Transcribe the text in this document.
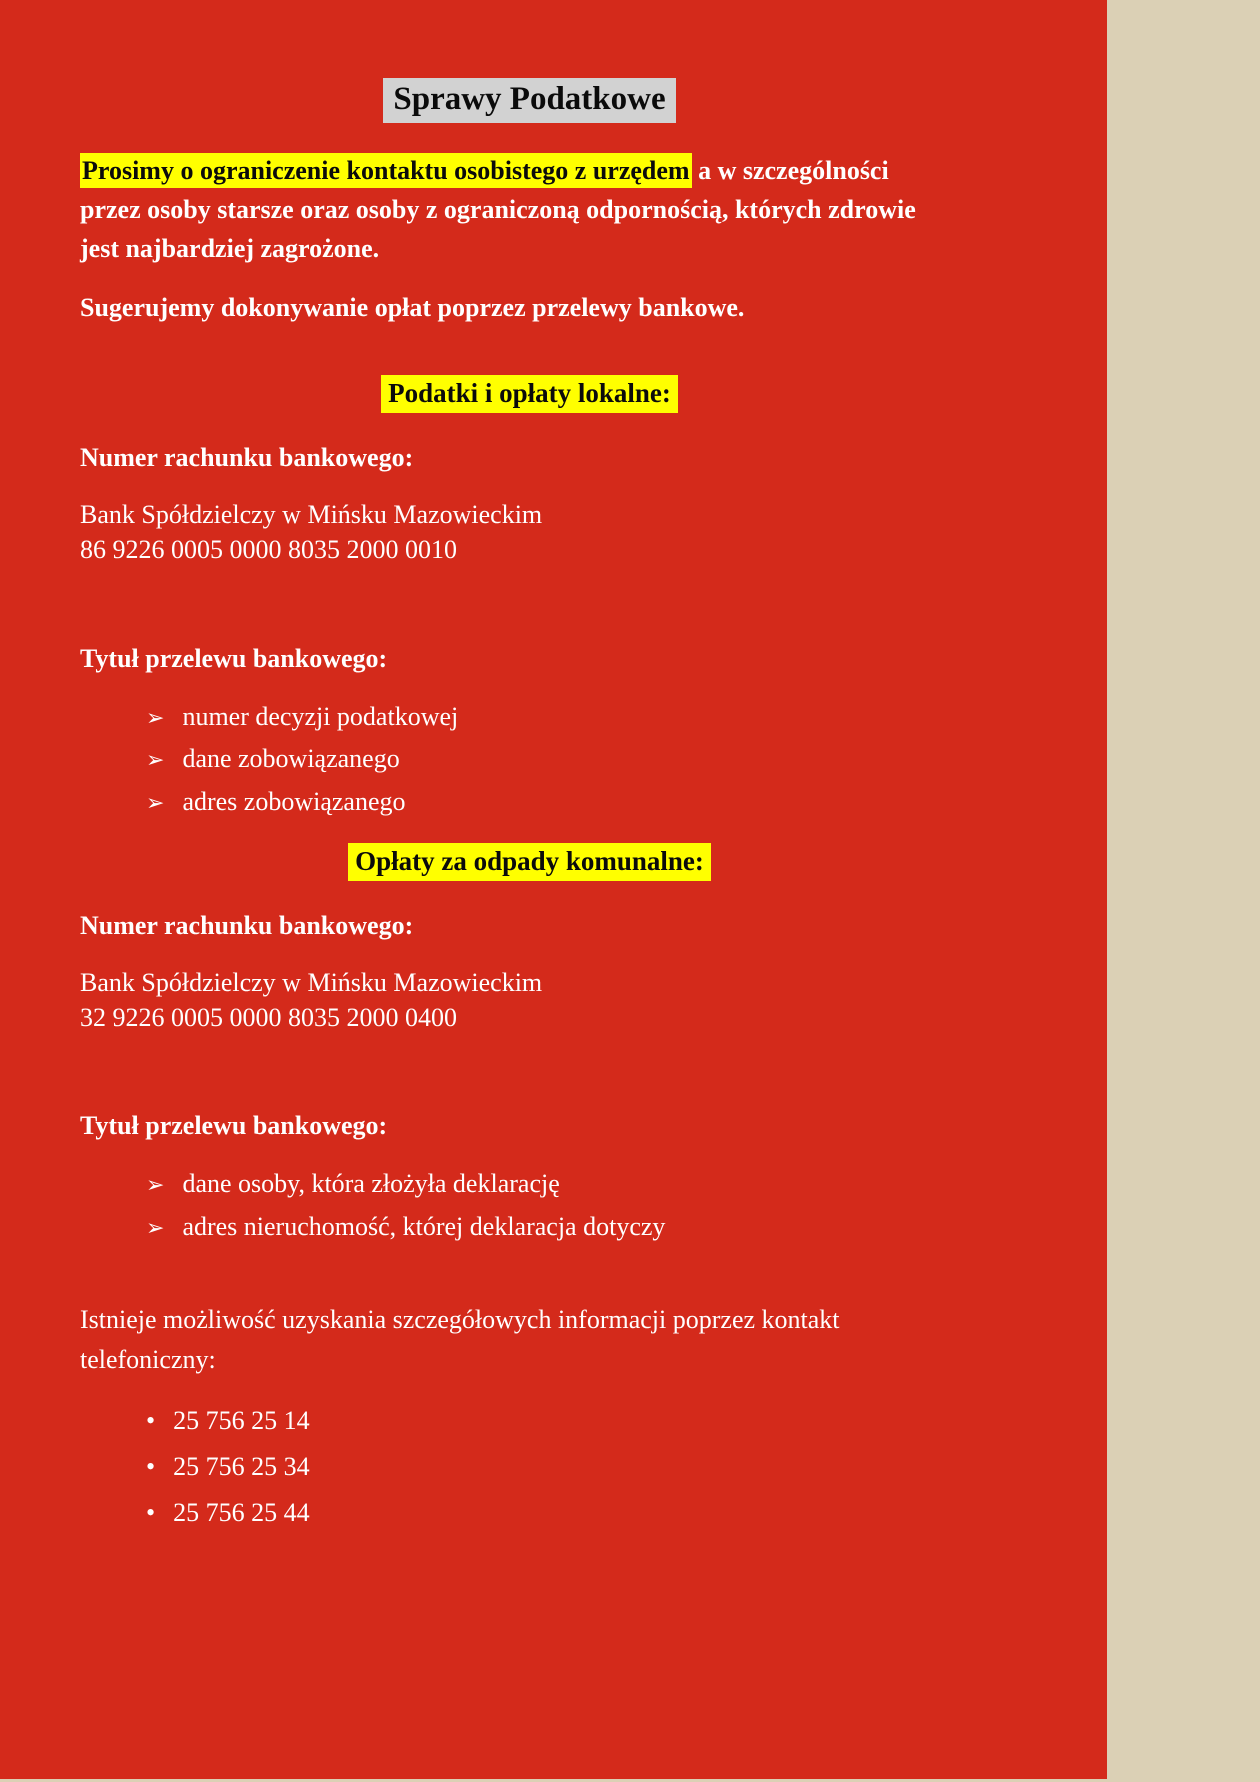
Sprawy Podatkowe

Prosimy o ograniczenie kontaktu osobistego z urzędem a w szczególności przez osoby starsze oraz osoby z ograniczoną odpornością, których zdrowie jest najbardziej zagrożone.

Sugerujemy dokonywanie opłat poprzez przelewy bankowe.

Podatki i opłaty lokalne:

Numer rachunku bankowego:

Bank Spółdzielczy w Mińsku Mazowieckim
86 9226 0005 0000 8035 2000 0010

Tytuł przelewu bankowego:

➢ numer decyzji podatkowej
➢ dane zobowiązanego
➢ adres zobowiązanego
Opłaty za odpady komunalne:

Numer rachunku bankowego:

Bank Spółdzielczy w Mińsku Mazowieckim
32 9226 0005 0000 8035 2000 0400

Tytuł przelewu bankowego:

➢ dane osoby, która złożyła deklarację
➢ adres nieruchomość, której deklaracja dotyczy

Istnieje możliwość uzyskania szczegółowych informacji poprzez kontakt telefoniczny:

• 25 756 25 14
• 25 756 25 34
• 25 756 25 44
